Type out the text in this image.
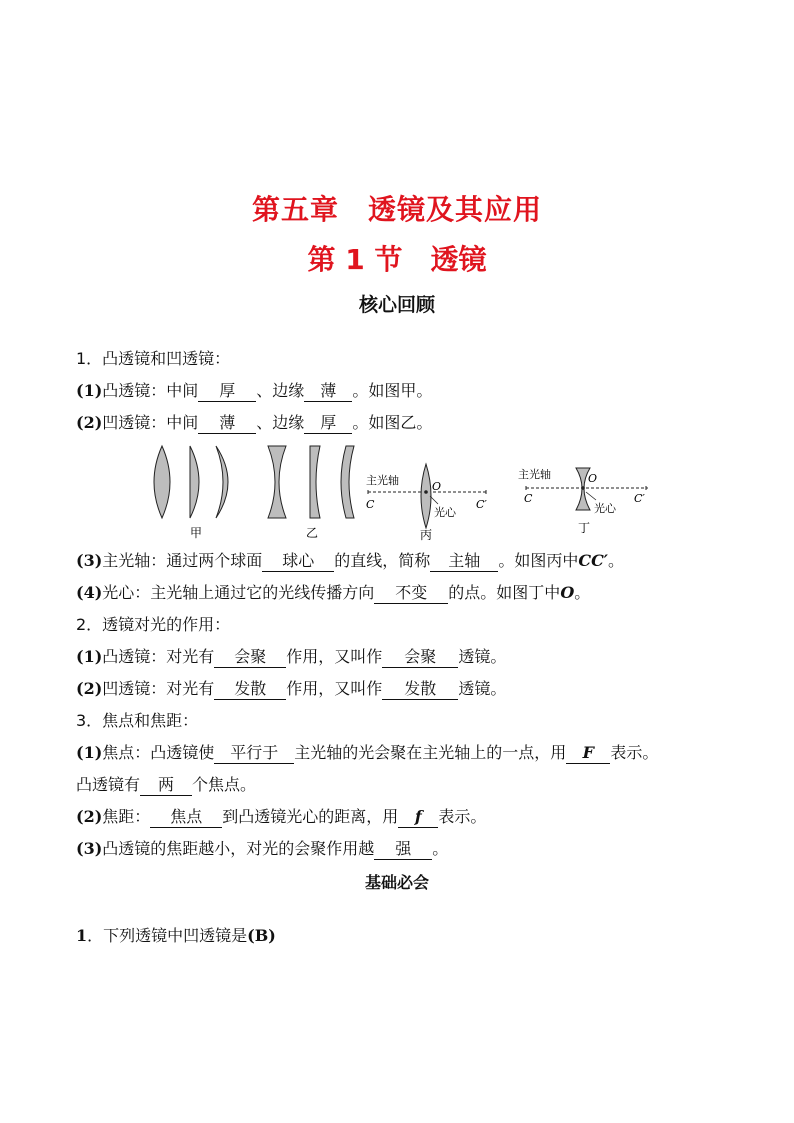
第五章　透镜及其应用
第 1 节　透镜
核心回顾
1．凸透镜和凹透镜：
(1)凸透镜：中间 厚 、边缘 薄 。如图甲。
(2)凹透镜：中间 薄 、边缘 厚 。如图乙。
甲	乙
主光轴	O
光心
C	C′
丙
主光轴	O
光心
C	C′
丁
(3)主光轴：通过两个球面 球心 的直线，简称 主轴 。如图丙中CC′。
(4)光心：主光轴上通过它的光线传播方向 不变 的点。如图丁中O。
2．透镜对光的作用：
(1)凸透镜：对光有 会聚 作用，又叫作 会聚 透镜。
(2)凹透镜：对光有 发散 作用，又叫作 发散 透镜。
3．焦点和焦距：
(1)焦点：凸透镜使 平行于 主光轴的光会聚在主光轴上的一点，用 F 表示。
凸透镜有 两 个焦点。
(2)焦距： 焦点 到凸透镜光心的距离，用 f 表示。
(3)凸透镜的焦距越小，对光的会聚作用越 强 。
基础必会
1．下列透镜中凹透镜是(B)
